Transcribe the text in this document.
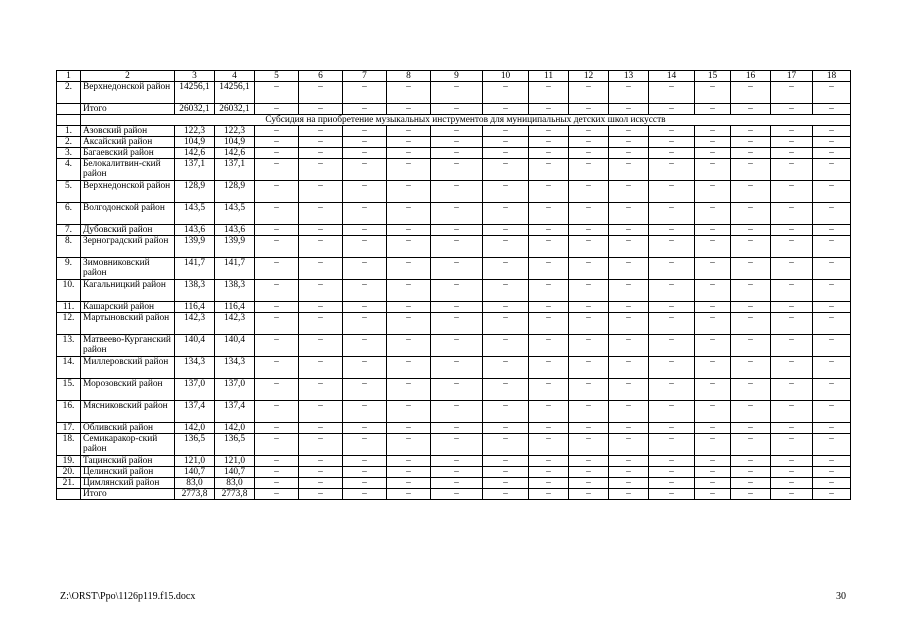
1	2	3	4	5	6	7	8	9	10	11	12	13	14	15	16	17	18
2.	Верхнедонской район	14256,1	14256,1	–	–	–	–	–	–	–	–	–	–	–	–	–	–
	Итого	26032,1	26032,1	–	–	–	–	–	–	–	–	–	–	–	–	–	–
	Субсидия на приобретение музыкальных инструментов для муниципальных детских школ искусств																
1.	Азовский район	122,3	122,3	–	–	–	–	–	–	–	–	–	–	–	–	–	–
2.	Аксайский район	104,9	104,9	–	–	–	–	–	–	–	–	–	–	–	–	–	–
3.	Багаевский район	142,6	142,6	–	–	–	–	–	–	–	–	–	–	–	–	–	–
4.	Белокалитвин-ский район	137,1	137,1	–	–	–	–	–	–	–	–	–	–	–	–	–	–
5.	Верхнедонской район	128,9	128,9	–	–	–	–	–	–	–	–	–	–	–	–	–	–
6.	Волгодонской район	143,5	143,5	–	–	–	–	–	–	–	–	–	–	–	–	–	–
7.	Дубовский район	143,6	143,6	–	–	–	–	–	–	–	–	–	–	–	–	–	–
8.	Зерноградский район	139,9	139,9	–	–	–	–	–	–	–	–	–	–	–	–	–	–
9.	Зимовниковский район	141,7	141,7	–	–	–	–	–	–	–	–	–	–	–	–	–	–
10.	Кагальницкий район	138,3	138,3	–	–	–	–	–	–	–	–	–	–	–	–	–	–
11.	Кашарский район	116,4	116,4	–	–	–	–	–	–	–	–	–	–	–	–	–	–
12.	Мартыновский район	142,3	142,3	–	–	–	–	–	–	–	–	–	–	–	–	–	–
13.	Матвеево-Курганский район	140,4	140,4	–	–	–	–	–	–	–	–	–	–	–	–	–	–
14.	Миллеровский район	134,3	134,3	–	–	–	–	–	–	–	–	–	–	–	–	–	–
15.	Морозовский район	137,0	137,0	–	–	–	–	–	–	–	–	–	–	–	–	–	–
16.	Мясниковский район	137,4	137,4	–	–	–	–	–	–	–	–	–	–	–	–	–	–
17.	Обливский район	142,0	142,0	–	–	–	–	–	–	–	–	–	–	–	–	–	–
18.	Семикаракор-ский район	136,5	136,5	–	–	–	–	–	–	–	–	–	–	–	–	–	–
19.	Тацинский район	121,0	121,0	–	–	–	–	–	–	–	–	–	–	–	–	–	–
20.	Целинский район	140,7	140,7	–	–	–	–	–	–	–	–	–	–	–	–	–	–
21.	Цимлянский район	83,0	83,0	–	–	–	–	–	–	–	–	–	–	–	–	–	–
	Итого	2773,8	2773,8	–	–	–	–	–	–	–	–	–	–	–	–	–	–
Z:\ORST\Ppo\1126p119.f15.docx	30
